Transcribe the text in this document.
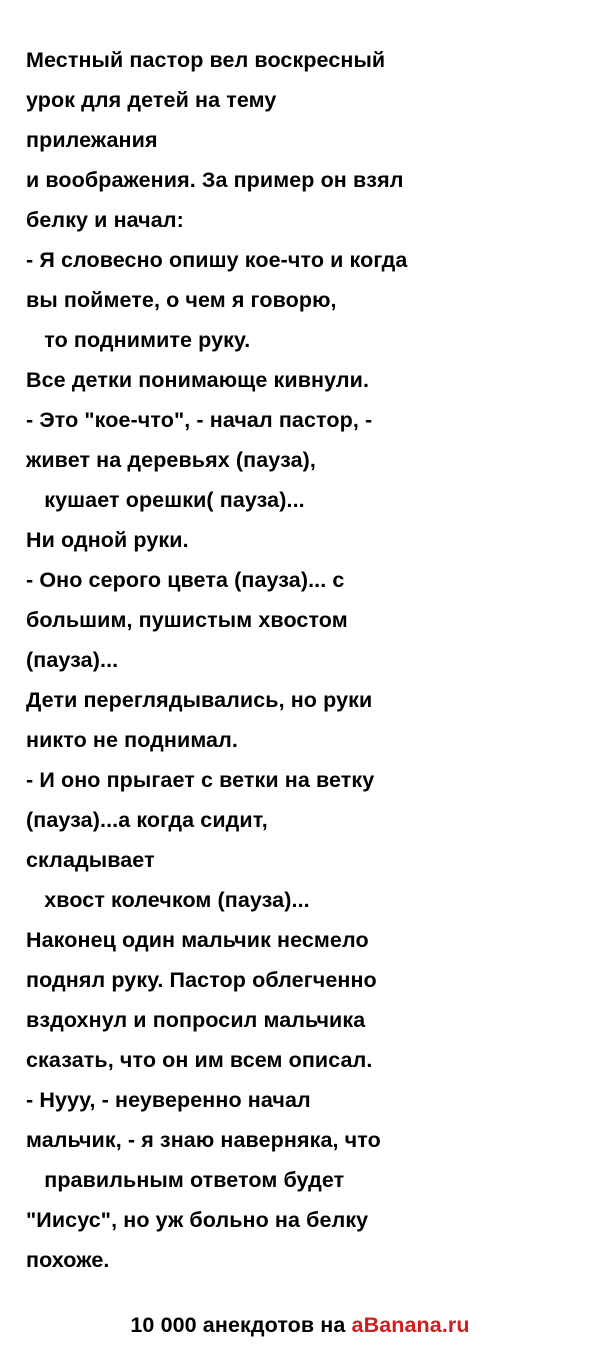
Местный пастор вел воскресный
урок для детей на тему
прилежания
и воображения. За пример он взял
белку и начал:
- Я словесно опишу кое-что и когда
вы поймете, о чем я говорю,
то поднимите руку.
Все детки понимающе кивнули.
- Это "кое-что", - начал пастор, -
живет на деревьях (пауза),
кушает орешки( пауза)...
Ни одной руки.
- Оно серого цвета (пауза)... с
большим, пушистым хвостом
(пауза)...
Дети переглядывались, но руки
никто не поднимал.
- И оно прыгает с ветки на ветку
(пауза)...а когда сидит,
складывает
хвост колечком (пауза)...
Наконец один мальчик несмело
поднял руку. Пастор облегченно
вздохнул и попросил мальчика
сказать, что он им всем описал.
- Нууу, - неуверенно начал
мальчик, - я знаю наверняка, что
правильным ответом будет
"Иисус", но уж больно на белку
похоже.
10 000 анекдотов на aBanana.ru
